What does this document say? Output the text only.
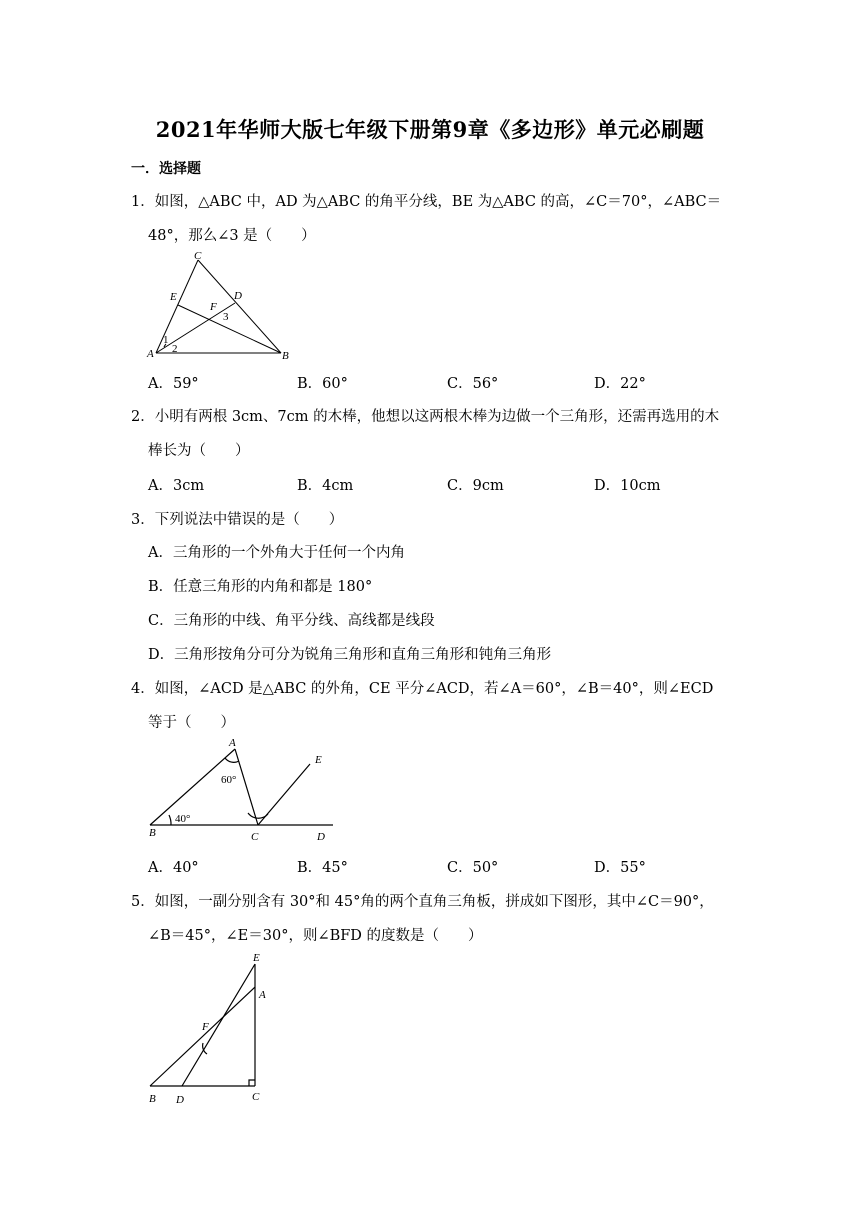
2021年华师大版七年级下册第9章《多边形》单元必刷题
一．选择题
1．如图，△ABC 中，AD 为△ABC 的角平分线，BE 为△ABC 的高，∠C＝70°，∠ABC＝
48°，那么∠3 是（　　）
C
E
F
D
3
1
2
A	B
A．59°	B．60°	C．56°	D．22°
2．小明有两根 3cm、7cm 的木棒，他想以这两根木棒为边做一个三角形，还需再选用的木
棒长为（　　）
A．3cm	B．4cm	C．9cm	D．10cm
3．下列说法中错误的是（　　）
A．三角形的一个外角大于任何一个内角
B．任意三角形的内角和都是 180°
C．三角形的中线、角平分线、高线都是线段
D．三角形按角分可分为锐角三角形和直角三角形和钝角三角形
4．如图，∠ACD 是△ABC 的外角，CE 平分∠ACD，若∠A＝60°，∠B＝40°，则∠ECD
等于（　　）
A
60°
E
40°
B	C	D
A．40°	B．45°	C．50°	D．55°
5．如图，一副分别含有 30°和 45°角的两个直角三角板，拼成如下图形，其中∠C＝90°，
∠B＝45°，∠E＝30°，则∠BFD 的度数是（　　）
E
A
F
B D	C
